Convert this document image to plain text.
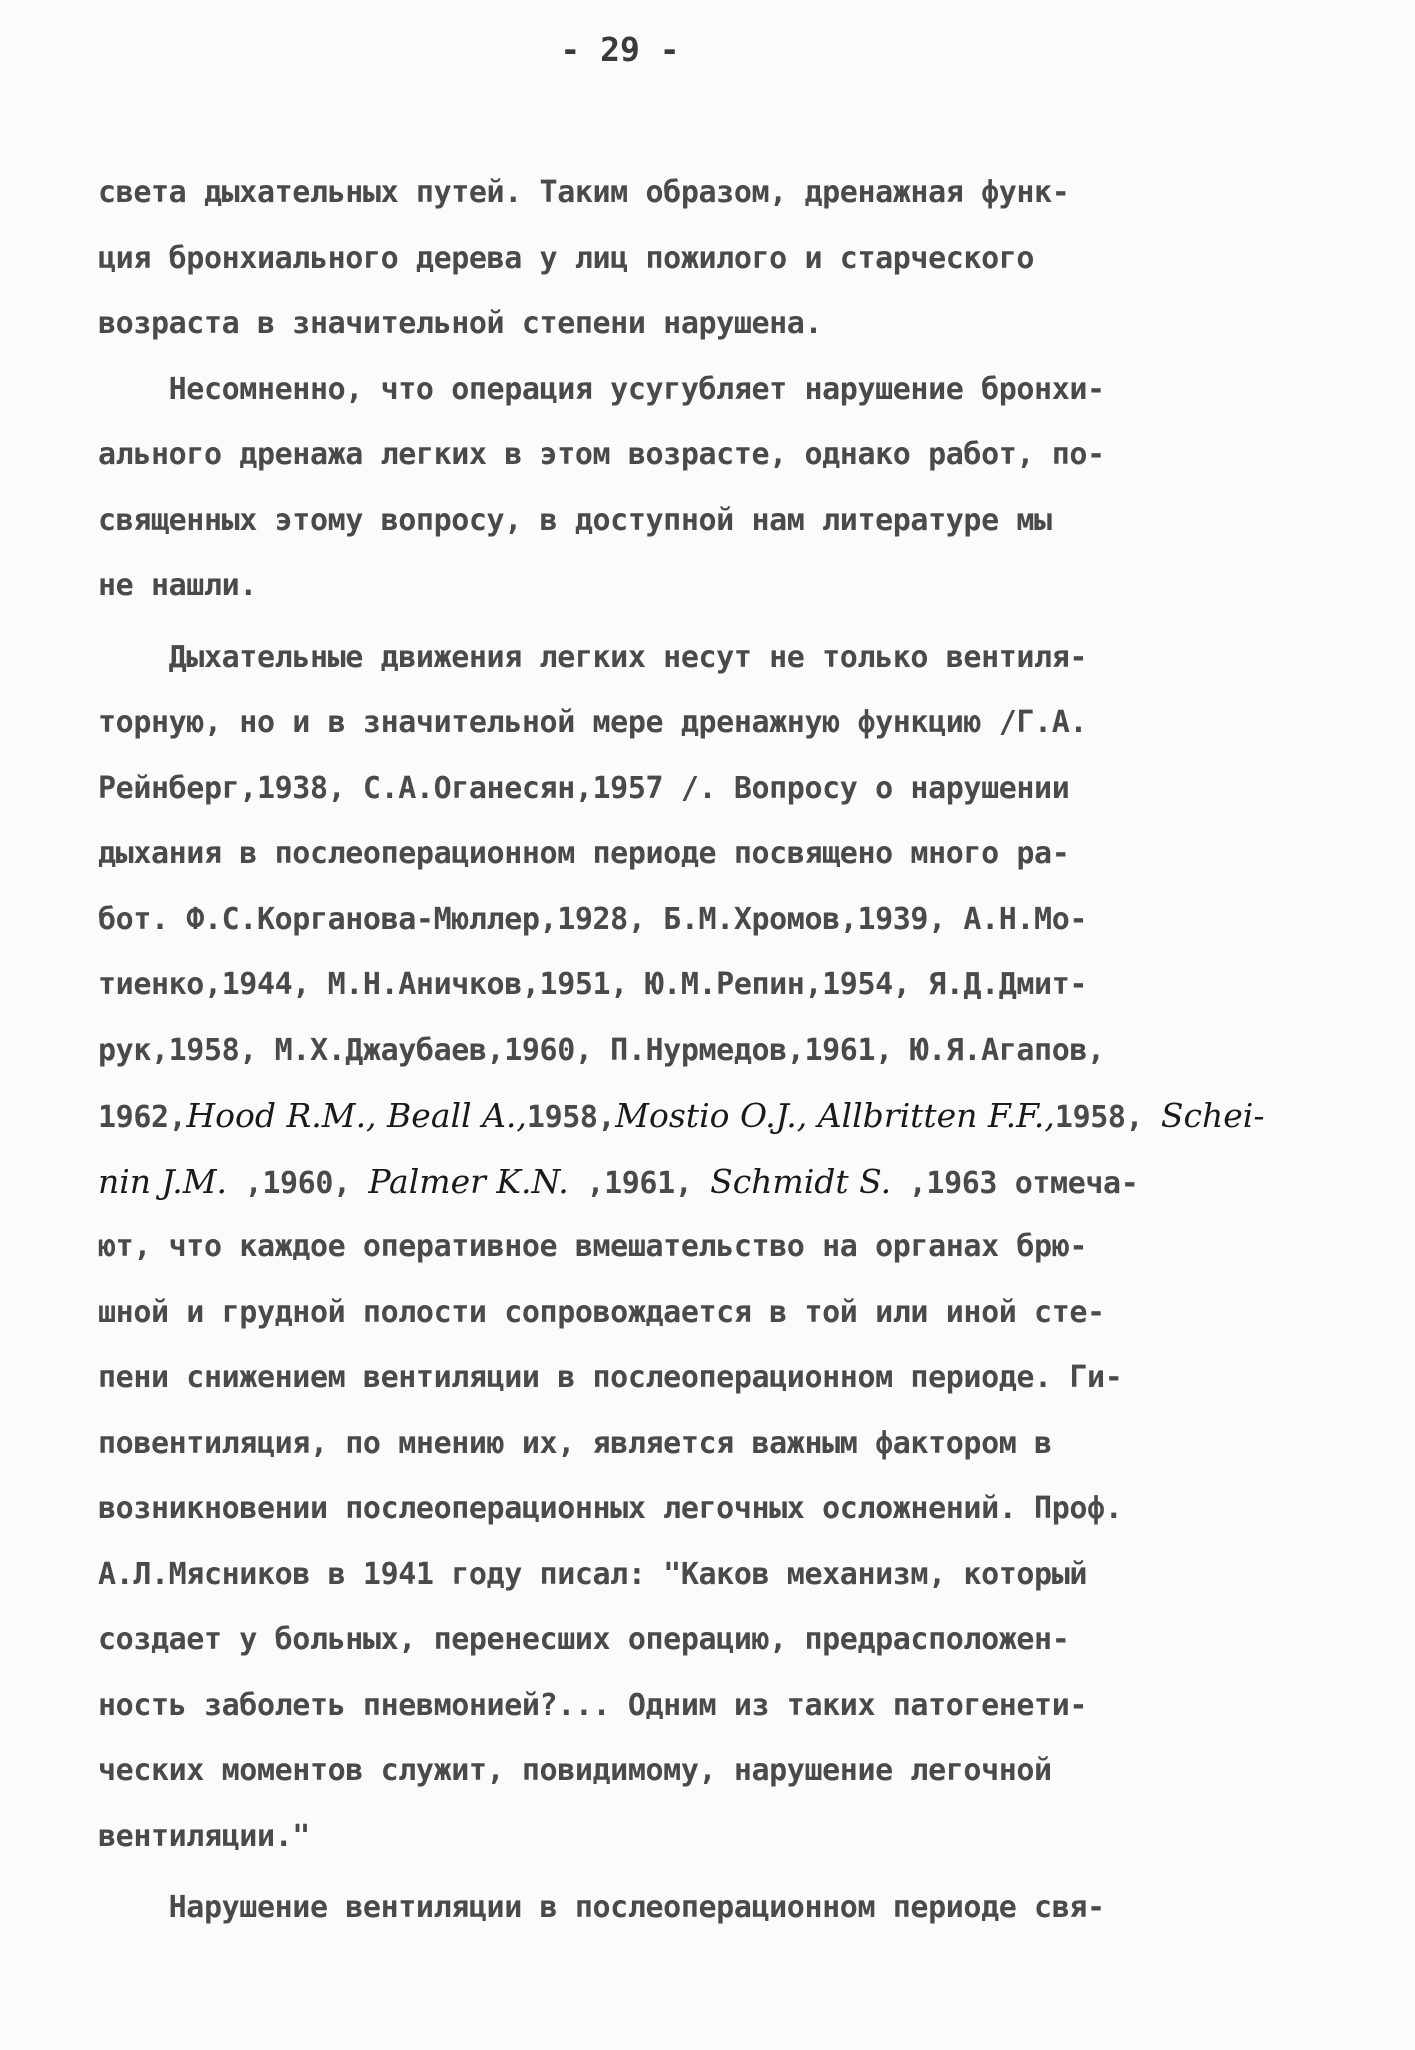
- 29 -
света дыхательных путей. Таким образом, дренажная функ-
ция бронхиального дерева у лиц пожилого и старческого
возраста в значительной степени нарушена.
Несомненно, что операция усугубляет нарушение бронхи-
ального дренажа легких в этом возрасте, однако работ, по-
священных этому вопросу, в доступной нам литературе мы
не нашли.
Дыхательные движения легких несут не только вентиля-
торную, но и в значительной мере дренажную функцию /Г.А.
Рейнберг,1938, С.А.Оганесян,1957 /. Вопросу о нарушении
дыхания в послеоперационном периоде посвящено много ра-
бот. Ф.С.Корганова-Мюллер,1928, Б.М.Хромов,1939, А.Н.Мо-
тиенко,1944, М.Н.Аничков,1951, Ю.М.Репин,1954, Я.Д.Дмит-
рук,1958, М.Х.Джаубаев,1960, П.Нурмедов,1961, Ю.Я.Агапов,
1962,Hood R.M., Beall A.,1958,Mostio O.J., Allbritten F.F.,1958, Schei-
nin J.M. ,1960, Palmer K.N. ,1961, Schmidt S. ,1963 отмеча-
ют, что каждое оперативное вмешательство на органах брю-
шной и грудной полости сопровождается в той или иной сте-
пени снижением вентиляции в послеоперационном периоде. Ги-
повентиляция, по мнению их, является важным фактором в
возникновении послеоперационных легочных осложнений. Проф.
А.Л.Мясников в 1941 году писал: "Каков механизм, который
создает у больных, перенесших операцию, предрасположен-
ность заболеть пневмонией?... Одним из таких патогенети-
ческих моментов служит, повидимому, нарушение легочной
вентиляции."
Нарушение вентиляции в послеоперационном периоде свя-
